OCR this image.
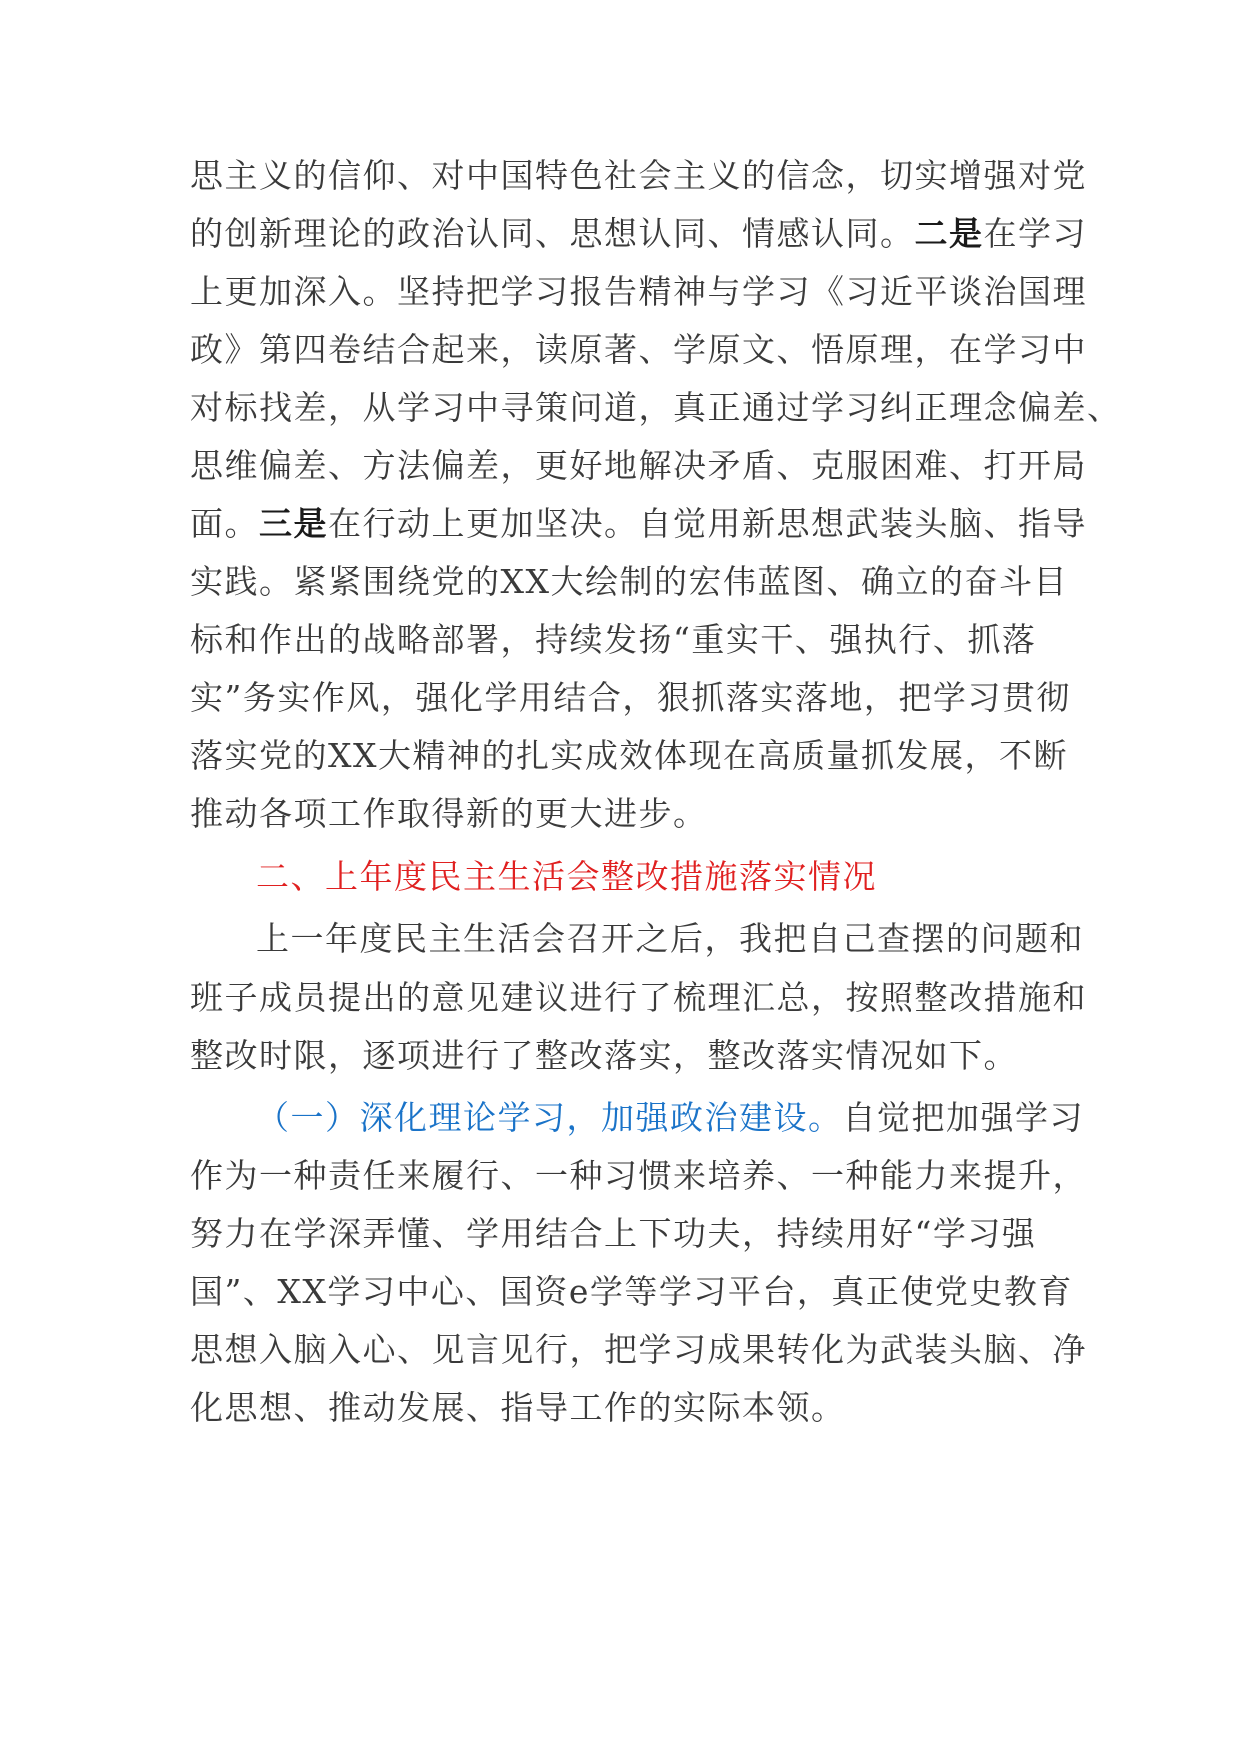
思主义的信仰、对中国特色社会主义的信念，切实增强对党
的创新理论的政治认同、思想认同、情感认同。二是在学习
上更加深入。坚持把学习报告精神与学习《习近平谈治国理
政》第四卷结合起来，读原著、学原文、悟原理，在学习中
对标找差，从学习中寻策问道，真正通过学习纠正理念偏差、
思维偏差、方法偏差，更好地解决矛盾、克服困难、打开局
面。三是在行动上更加坚决。自觉用新思想武装头脑、指导
实践。紧紧围绕党的XX大绘制的宏伟蓝图、确立的奋斗目
标和作出的战略部署，持续发扬“重实干、强执行、抓落
实”务实作风，强化学用结合，狠抓落实落地，把学习贯彻
落实党的XX大精神的扎实成效体现在高质量抓发展，不断
推动各项工作取得新的更大进步。
二、上年度民主生活会整改措施落实情况
上一年度民主生活会召开之后，我把自己查摆的问题和
班子成员提出的意见建议进行了梳理汇总，按照整改措施和
整改时限，逐项进行了整改落实，整改落实情况如下。
（一）深化理论学习，加强政治建设。自觉把加强学习
作为一种责任来履行、一种习惯来培养、一种能力来提升，
努力在学深弄懂、学用结合上下功夫，持续用好“学习强
国”、XX学习中心、国资e学等学习平台，真正使党史教育
思想入脑入心、见言见行，把学习成果转化为武装头脑、净
化思想、推动发展、指导工作的实际本领。
